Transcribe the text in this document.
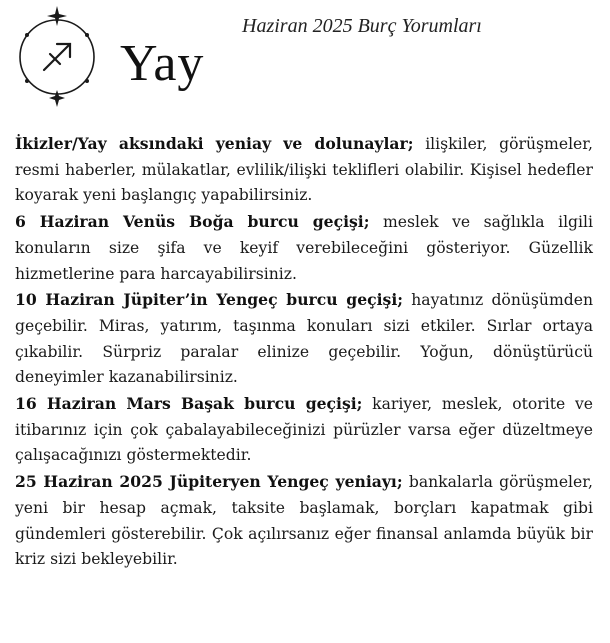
Yay
Haziran 2025 Burç Yorumları

İkizler/Yay aksındaki yeniay ve dolunaylar; ilişkiler, görüşmeler, resmi haberler, mülakatlar, evlilik/ilişki teklifleri olabilir. Kişisel hedefler koyarak yeni başlangıç yapabilirsiniz.

6 Haziran Venüs Boğa burcu geçişi; meslek ve sağlıkla ilgili konuların size şifa ve keyif verebileceğini gösteriyor. Güzellik hizmetlerine para harcayabilirsiniz.

10 Haziran Jüpiter’in Yengeç burcu geçişi; hayatınız dönüşümden geçebilir. Miras, yatırım, taşınma konuları sizi etkiler. Sırlar ortaya çıkabilir. Sürpriz paralar elinize geçebilir. Yoğun, dönüştürücü deneyimler kazanabilirsiniz.

16 Haziran Mars Başak burcu geçişi; kariyer, meslek, otorite ve itibarınız için çok çabalayabileceğinizi pürüzler varsa eğer düzeltmeye çalışacağınızı göstermektedir.

25 Haziran 2025 Jüpiteryen Yengeç yeniayı; bankalarla görüşmeler, yeni bir hesap açmak, taksite başlamak, borçları kapatmak gibi gündemleri gösterebilir. Çok açılırsanız eğer finansal anlamda büyük bir kriz sizi bekleyebilir.
